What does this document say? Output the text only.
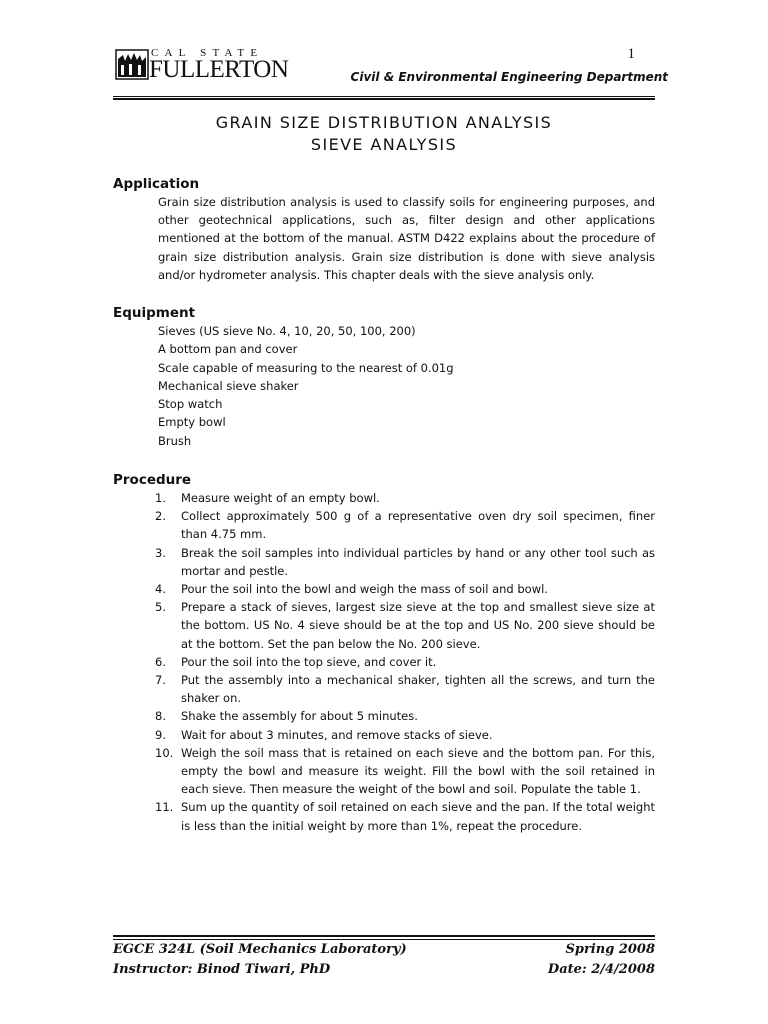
1
CAL STATE
FULLERTON	Civil & Environmental Engineering Department
GRAIN SIZE DISTRIBUTION ANALYSIS
SIEVE ANALYSIS
Application

Grain size distribution analysis is used to classify soils for engineering purposes, and other geotechnical applications, such as, filter design and other applications mentioned at the bottom of the manual. ASTM D422 explains about the procedure of grain size distribution analysis. Grain size distribution is done with sieve analysis and/or hydrometer analysis. This chapter deals with the sieve analysis only.

Equipment
Sieves (US sieve No. 4, 10, 20, 50, 100, 200)
A bottom pan and cover
Scale capable of measuring to the nearest of 0.01g
Mechanical sieve shaker
Stop watch
Empty bowl
Brush
Procedure
1.	Measure weight of an empty bowl.
2.	Collect approximately 500 g of a representative oven dry soil specimen, finer than 4.75 mm.
3.	Break the soil samples into individual particles by hand or any other tool such as mortar and pestle.
4.	Pour the soil into the bowl and weigh the mass of soil and bowl.
5.	Prepare a stack of sieves, largest size sieve at the top and smallest sieve size at the bottom. US No. 4 sieve should be at the top and US No. 200 sieve should be at the bottom. Set the pan below the No. 200 sieve.
6.	Pour the soil into the top sieve, and cover it.
7.	Put the assembly into a mechanical shaker, tighten all the screws, and turn the shaker on.
8.	Shake the assembly for about 5 minutes.
9.	Wait for about 3 minutes, and remove stacks of sieve.
10. Weigh the soil mass that is retained on each sieve and the bottom pan. For this, empty the bowl and measure its weight. Fill the bowl with the soil retained in each sieve. Then measure the weight of the bowl and soil. Populate the table 1.
11. Sum up the quantity of soil retained on each sieve and the pan. If the total weight is less than the initial weight by more than 1%, repeat the procedure.
EGCE 324L (Soil Mechanics Laboratory)	Spring 2008
Instructor: Binod Tiwari, PhD	Date: 2/4/2008
